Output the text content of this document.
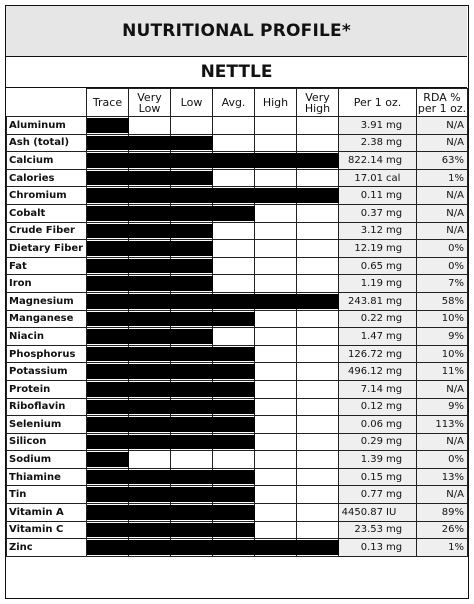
NUTRITIONAL PROFILE*
NETTLE
	Trace	Very Low	Low	Avg.	High	Very High	Per 1 oz.	RDA % per 1 oz.
Aluminum							3.91 mg	N/A
Ash (total)							2.38 mg	N/A
Calcium							822.14 mg	63%
Calories							17.01 cal	1%
Chromium							0.11 mg	N/A
Cobalt							0.37 mg	N/A
Crude Fiber							3.12 mg	N/A
Dietary Fiber							12.19 mg	0%
Fat							0.65 mg	0%
Iron							1.19 mg	7%
Magnesium							243.81 mg	58%
Manganese							0.22 mg	10%
Niacin							1.47 mg	9%
Phosphorus							126.72 mg	10%
Potassium							496.12 mg	11%
Protein							7.14 mg	N/A
Riboflavin							0.12 mg	9%
Selenium							0.06 mg	113%
Silicon							0.29 mg	N/A
Sodium							1.39 mg	0%
Thiamine							0.15 mg	13%
Tin							0.77 mg	N/A
Vitamin A							4450.87 IU	89%
Vitamin C							23.53 mg	26%
Zinc							0.13 mg	1%
